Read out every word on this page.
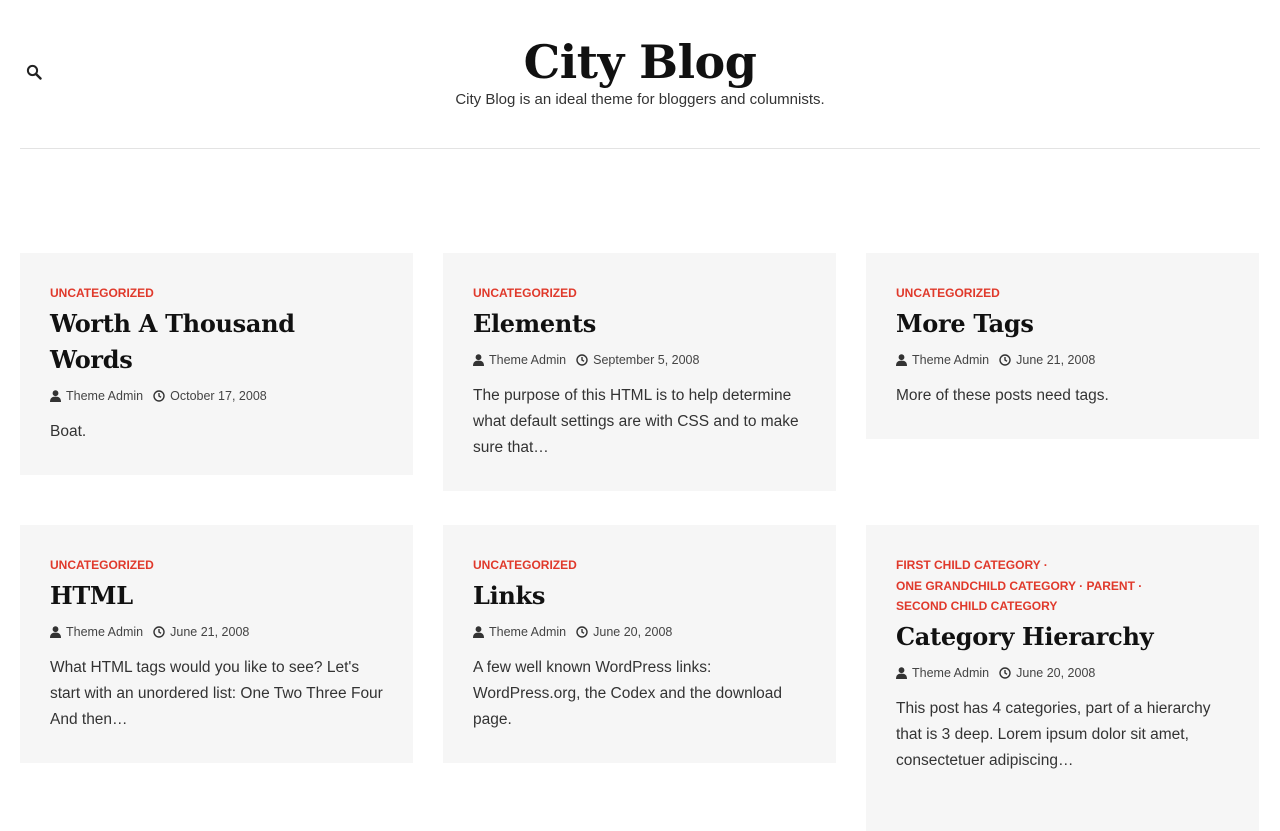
City Blog
City Blog is an ideal theme for bloggers and columnists.
UNCATEGORIZED
Worth A Thousand Words
Theme Admin October 17, 2008
Boat.
UNCATEGORIZED
Elements
Theme Admin September 5, 2008
The purpose of this HTML is to help determine what default settings are with CSS and to make sure that…
UNCATEGORIZED
More Tags
Theme Admin June 21, 2008
More of these posts need tags.
UNCATEGORIZED
HTML
Theme Admin June 21, 2008
What HTML tags would you like to see? Let's start with an unordered list: One Two Three Four And then…
UNCATEGORIZED
Links
Theme Admin June 20, 2008
A few well known WordPress links: WordPress.org, the Codex and the download page.
FIRST CHILD CATEGORY ·
ONE GRANDCHILD CATEGORY · PARENT ·
SECOND CHILD CATEGORY
Category Hierarchy
Theme Admin June 20, 2008
This post has 4 categories, part of a hierarchy that is 3 deep. Lorem ipsum dolor sit amet, consectetuer adipiscing…
